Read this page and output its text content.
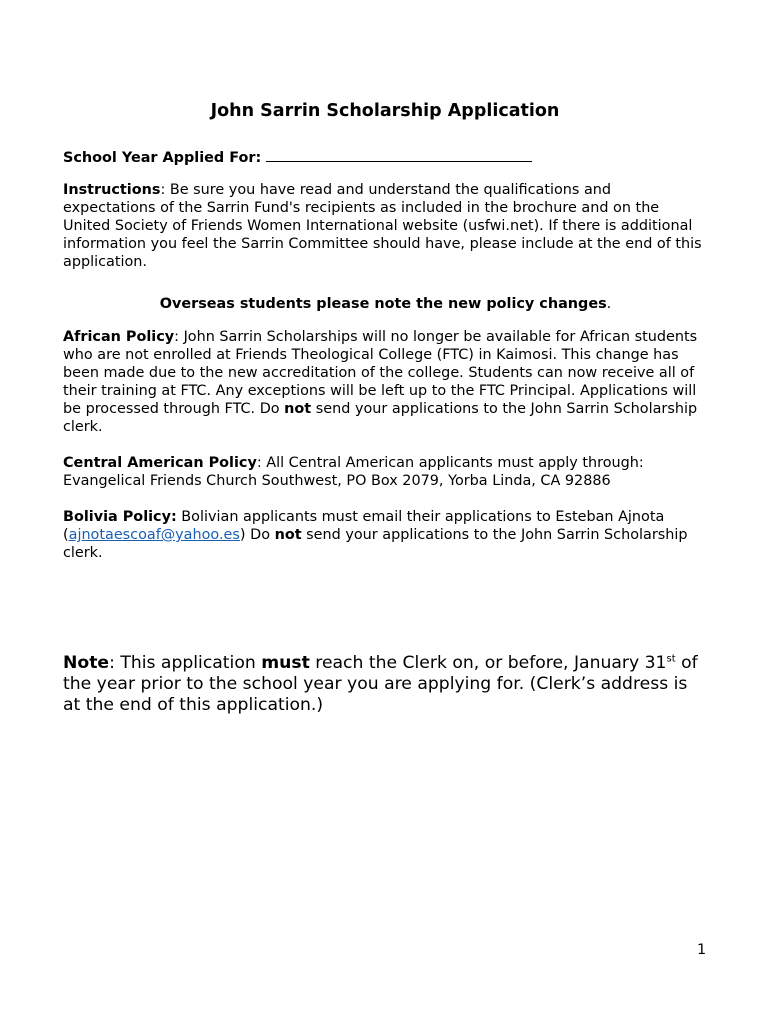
John Sarrin Scholarship Application

School Year Applied For:

Instructions: Be sure you have read and understand the qualifications and expectations of the Sarrin Fund's recipients as included in the brochure and on the United Society of Friends Women International website (usfwi.net). If there is additional information you feel the Sarrin Committee should have, please include at the end of this application.

Overseas students please note the new policy changes.

African Policy: John Sarrin Scholarships will no longer be available for African students who are not enrolled at Friends Theological College (FTC) in Kaimosi. This change has been made due to the new accreditation of the college. Students can now receive all of their training at FTC. Any exceptions will be left up to the FTC Principal. Applications will be processed through FTC. Do not send your applications to the John Sarrin Scholarship clerk.

Central American Policy: All Central American applicants must apply through: Evangelical Friends Church Southwest, PO Box 2079, Yorba Linda, CA 92886

Bolivia Policy: Bolivian applicants must email their applications to Esteban Ajnota (ajnotaescoaf@yahoo.es) Do not send your applications to the John Sarrin Scholarship clerk.

Note: This application must reach the Clerk on, or before, January 31st of the year prior to the school year you are applying for. (Clerk’s address is at the end of this application.)

1
